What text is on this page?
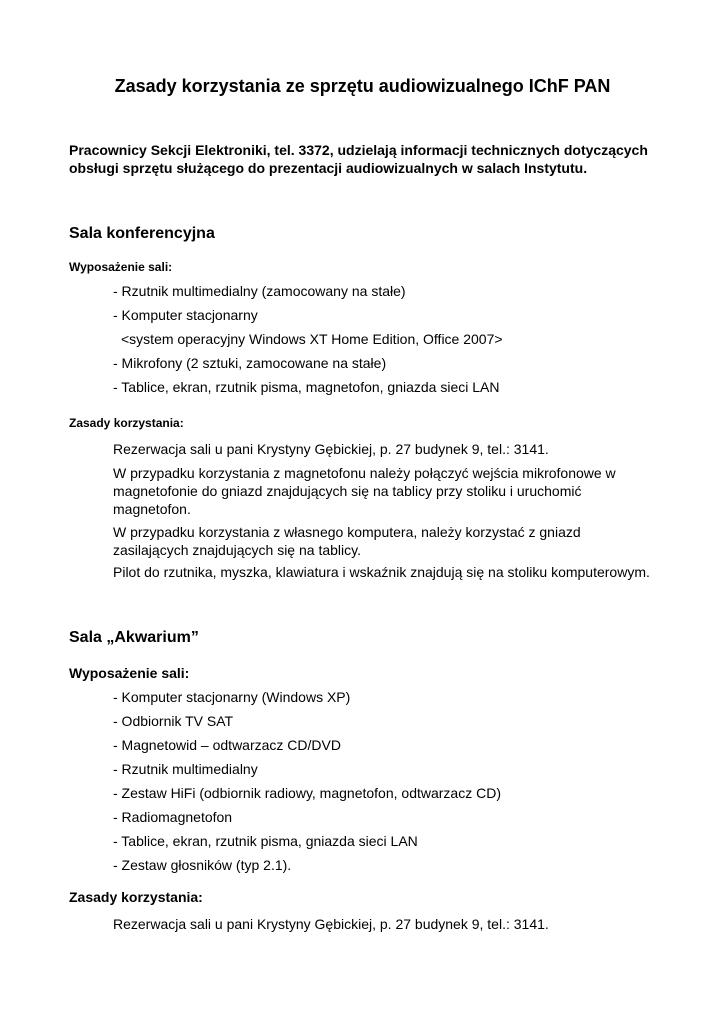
Zasady korzystania ze sprzętu audiowizualnego IChF PAN

Pracownicy Sekcji Elektroniki, tel. 3372, udzielają informacji technicznych dotyczących obsługi sprzętu służącego do prezentacji audiowizualnych w salach Instytutu.

Sala konferencyjna

Wyposażenie sali:

- Rzutnik multimedialny (zamocowany na stałe)
- Komputer stacjonarny
<system operacyjny Windows XT Home Edition, Office 2007>
- Mikrofony (2 sztuki, zamocowane na stałe)
- Tablice, ekran, rzutnik pisma, magnetofon, gniazda sieci LAN

Zasady korzystania:

Rezerwacja sali u pani Krystyny Gębickiej, p. 27 budynek 9, tel.: 3141.

W przypadku korzystania z magnetofonu należy połączyć wejścia mikrofonowe w magnetofonie do gniazd znajdujących się na tablicy przy stoliku i uruchomić magnetofon.

W przypadku korzystania z własnego komputera, należy korzystać z gniazd zasilających znajdujących się na tablicy.

Pilot do rzutnika, myszka, klawiatura i wskaźnik znajdują się na stoliku komputerowym.

Sala „Akwarium”

Wyposażenie sali:

- Komputer stacjonarny (Windows XP)
- Odbiornik TV SAT
- Magnetowid – odtwarzacz CD/DVD
- Rzutnik multimedialny
- Zestaw HiFi (odbiornik radiowy, magnetofon, odtwarzacz CD)
- Radiomagnetofon
- Tablice, ekran, rzutnik pisma, gniazda sieci LAN
- Zestaw głosników (typ 2.1).

Zasady korzystania:

Rezerwacja sali u pani Krystyny Gębickiej, p. 27 budynek 9, tel.: 3141.
